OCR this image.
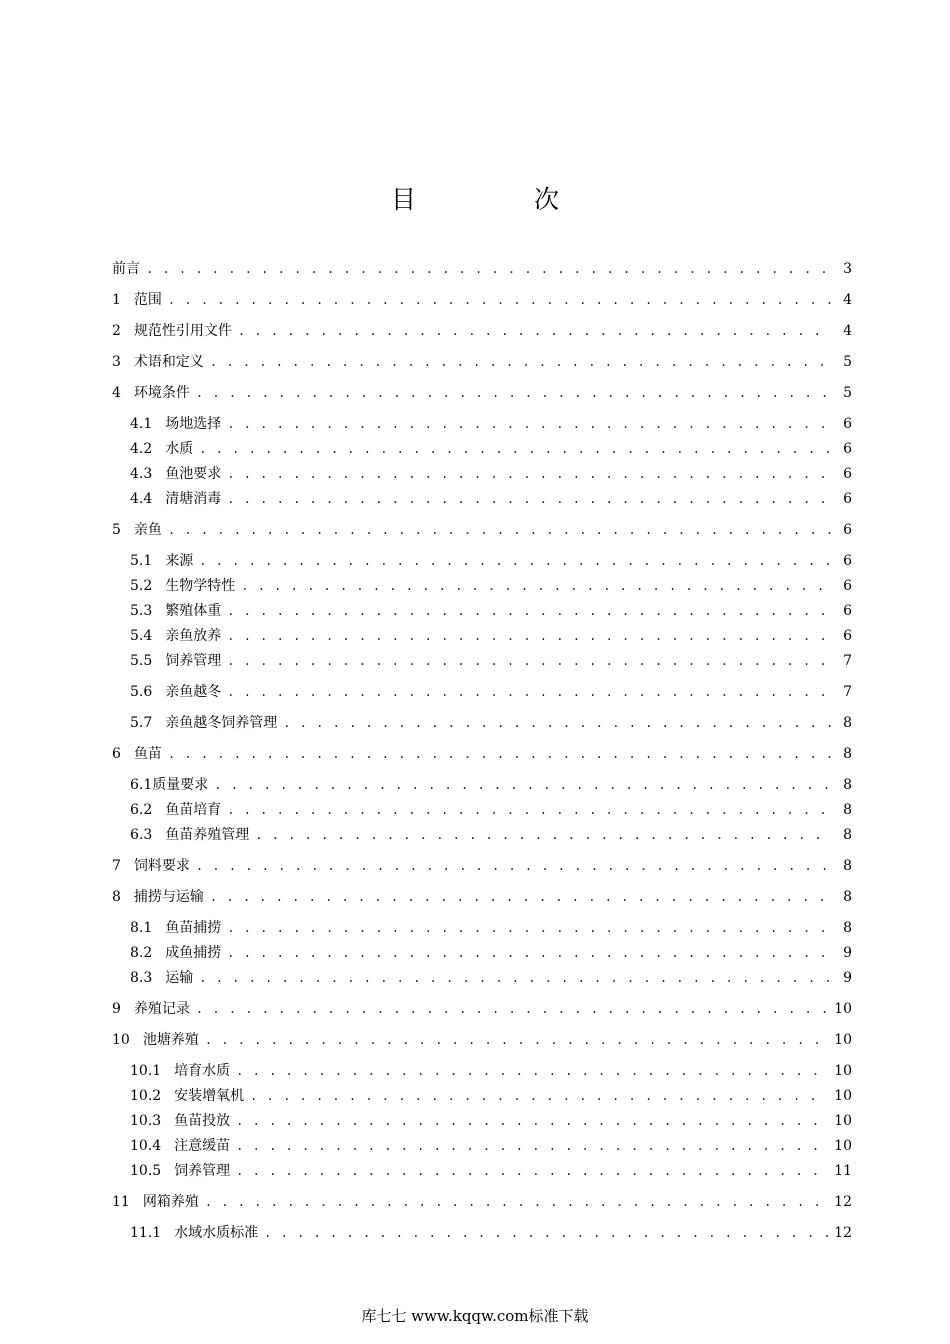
目	次
前言 . . .	3
1 范围 . . .	4
2 规范性引用文件 . . .	4
3 术语和定义 . . .	5
4 环境条件 . . .	5
4.1 场地选择 . . .	6
4.2 水质 . . .	6
4.3 鱼池要求 . . .	6
4.4 清塘消毒 . . .	6
5 亲鱼 . . .	6
5.1 来源 . . .	6
5.2 生物学特性 . . .	6
5.3 繁殖体重 . . .	6
5.4 亲鱼放养 . . .	6
5.5 饲养管理 . . .	7
5.6 亲鱼越冬 . . .	7
5.7 亲鱼越冬饲养管理 . . .	8
6 鱼苗 . . .	8
6.1 质量要求 . . .	8
6.2 鱼苗培育 . . .	8
6.3 鱼苗养殖管理 . . .	8
7 饲料要求 . . .	8
8 捕捞与运输 . . .	8
8.1 鱼苗捕捞 . . .	8
8.2 成鱼捕捞 . . .	9
8.3 运输 . . .	9
9 养殖记录 . . .	10
10 池塘养殖 . . .	10
10.1 培育水质 . . .	10
10.2 安装增氧机 . . .	10
10.3 鱼苗投放 . . .	10
10.4 注意缓苗 . . .	10
10.5 饲养管理 . . .	11
11 网箱养殖 . . .	12
11.1 水域水质标准 . . .	12
库七七 www.kqqw.com标准下载
